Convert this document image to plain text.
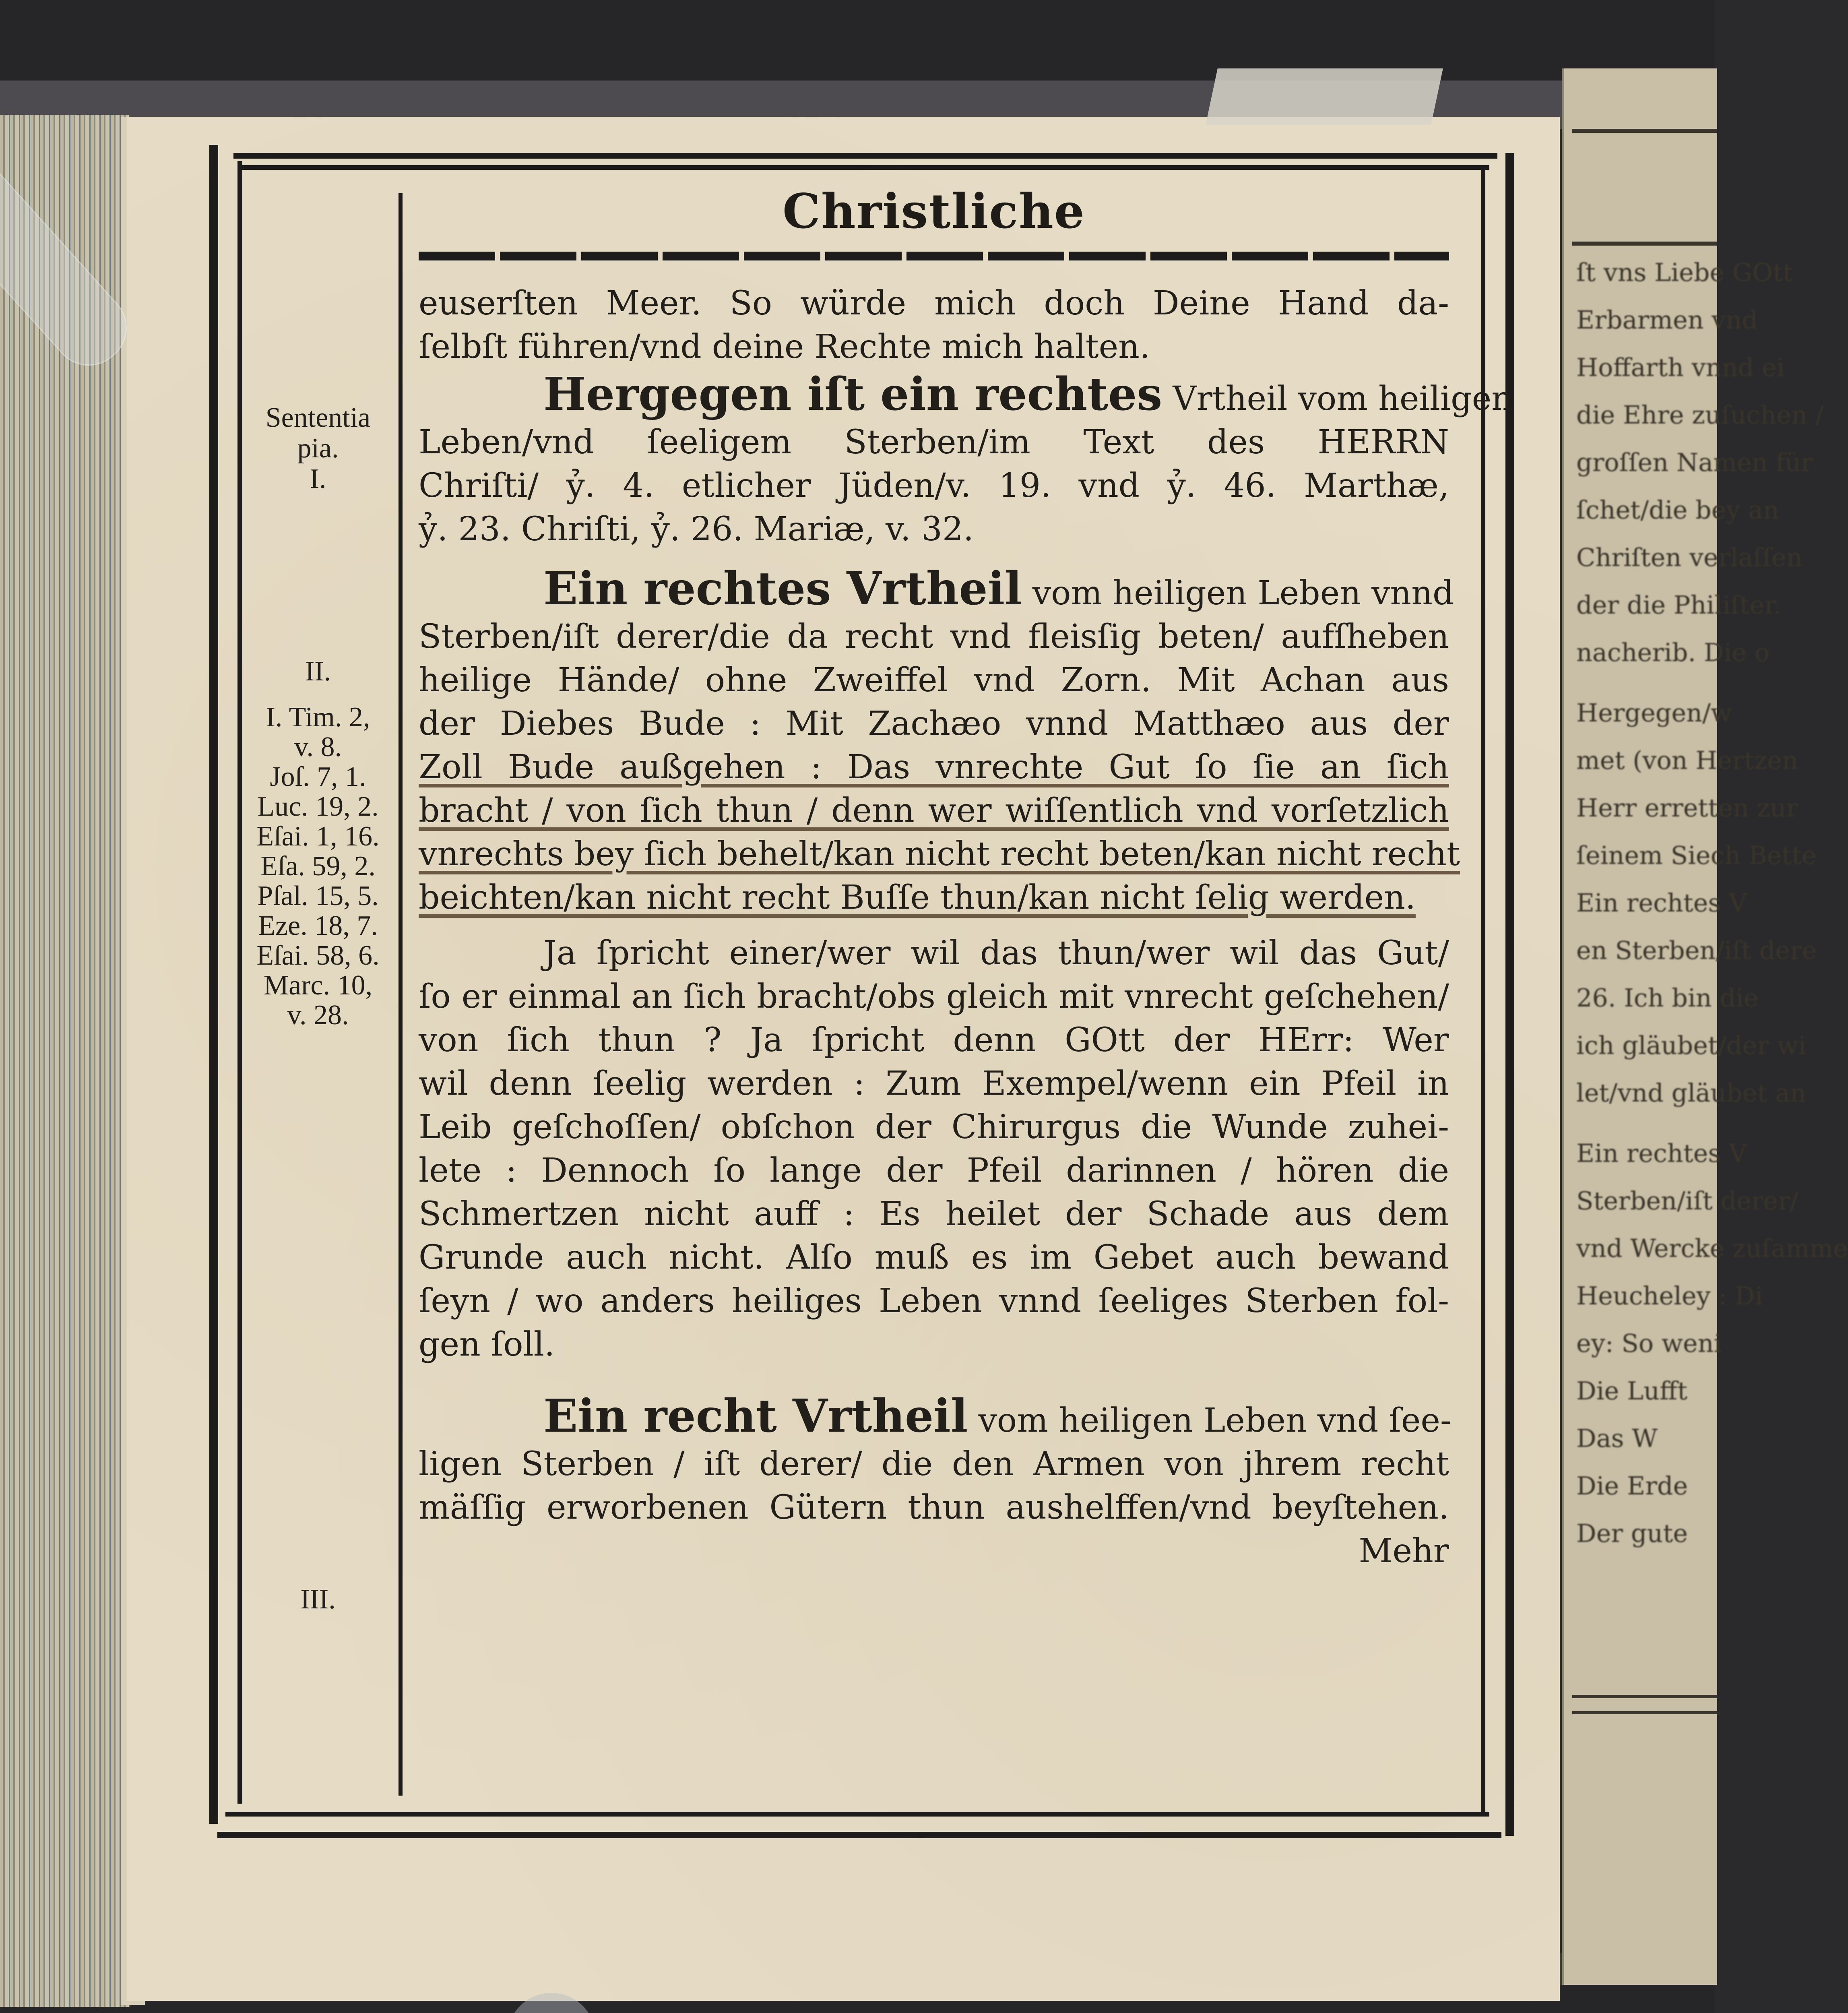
ſt vns Liebe GOtt
Erbarmen vnd
Hoffarth vnnd ei
die Ehre zuſuchen /
groſſen Namen für
ſchet/die bey an
Chriſten verlaſſen
der die Philiſter.
nacherib. Die o
Hergegen/w
met (von Hertzen
Herr erretten zur
ſeinem Siech Bette
Ein rechtes V
en Sterben/iſt dere
26. Ich bin die
ich gläubet/der wi
let/vnd gläubet an
Ein rechtes V
Sterben/iſt derer/
vnd Wercke zuſamme
Heucheley : Di
ey: So weni
Die Lufft
Das W
Die Erde
Der gute
Christliche
Sententia
pia.
I.
II.
I. Tim. 2,
v. 8.
Joſ. 7, 1.
Luc. 19, 2.
Eſai. 1, 16.
Eſa. 59, 2.
Pſal. 15, 5.
Eze. 18, 7.
Eſai. 58, 6.
Marc. 10,
v. 28.
III.
euserſten Meer. So würde mich doch Deine Hand da-
ſelbſt führen/vnd deine Rechte mich halten.
Hergegen iſt ein rechtes Vrtheil vom heiligen
Leben/vnd ſeeligem Sterben/im Text des HERRN
Chriſti/ ỷ. 4. etlicher Jüden/v. 19. vnd ỷ. 46. Marthæ,
ỷ. 23. Chriſti, ỷ. 26. Mariæ, v. 32.
Ein rechtes Vrtheil vom heiligen Leben vnnd
Sterben/iſt derer/die da recht vnd fleisſig beten/ aufſheben
heilige Hände/ ohne Zweiffel vnd Zorn. Mit Achan aus
der Diebes Bude : Mit Zachæo vnnd Matthæo aus der
Zoll Bude außgehen : Das vnrechte Gut ſo ſie an ſich
bracht / von ſich thun / denn wer wiſſentlich vnd vorſetzlich
vnrechts bey ſich behelt/kan nicht recht beten/kan nicht recht
beichten/kan nicht recht Buſſe thun/kan nicht ſelig werden.
Ja ſpricht einer/wer wil das thun/wer wil das Gut/
ſo er einmal an ſich bracht/obs gleich mit vnrecht geſchehen/
von ſich thun ? Ja ſpricht denn GOtt der HErr: Wer
wil denn ſeelig werden : Zum Exempel/wenn ein Pfeil in
Leib geſchoſſen/ obſchon der Chirurgus die Wunde zuhei-
lete : Dennoch ſo lange der Pfeil darinnen / hören die
Schmertzen nicht auff : Es heilet der Schade aus dem
Grunde auch nicht. Alſo muß es im Gebet auch bewand
ſeyn / wo anders heiliges Leben vnnd ſeeliges Sterben fol-
gen ſoll.
Ein recht Vrtheil vom heiligen Leben vnd ſee-
ligen Sterben / iſt derer/ die den Armen von jhrem recht
mäſſig erworbenen Gütern thun aushelffen/vnd beyſtehen.
Mehr
